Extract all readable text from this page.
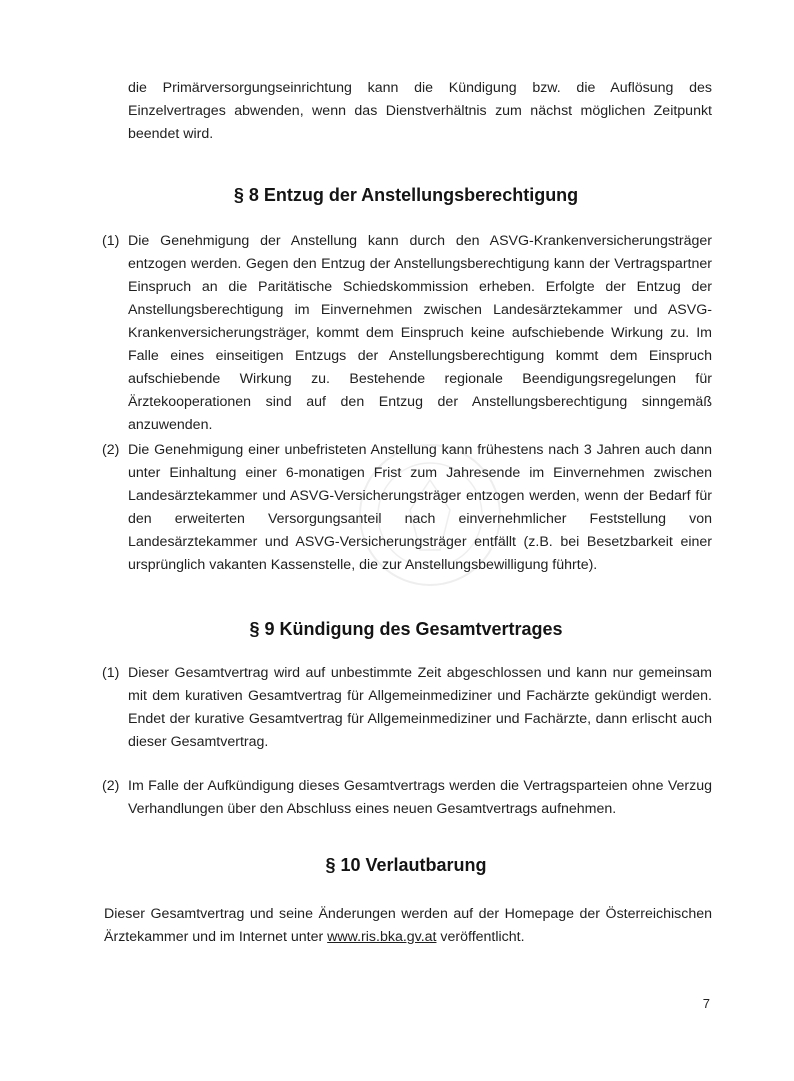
die Primärversorgungseinrichtung kann die Kündigung bzw. die Auflösung des Einzelvertrages abwenden, wenn das Dienstverhältnis zum nächst möglichen Zeitpunkt beendet wird.
§ 8 Entzug der Anstellungsberechtigung
(1) Die Genehmigung der Anstellung kann durch den ASVG-Krankenversicherungsträger entzogen werden. Gegen den Entzug der Anstellungsberechtigung kann der Vertragspartner Einspruch an die Paritätische Schiedskommission erheben. Erfolgte der Entzug der Anstellungsberechtigung im Einvernehmen zwischen Landesärztekammer und ASVG-Krankenversicherungsträger, kommt dem Einspruch keine aufschiebende Wirkung zu. Im Falle eines einseitigen Entzugs der Anstellungsberechtigung kommt dem Einspruch aufschiebende Wirkung zu. Bestehende regionale Beendigungsregelungen für Ärztekooperationen sind auf den Entzug der Anstellungsberechtigung sinngemäß anzuwenden.
(2) Die Genehmigung einer unbefristeten Anstellung kann frühestens nach 3 Jahren auch dann unter Einhaltung einer 6-monatigen Frist zum Jahresende im Einvernehmen zwischen Landesärztekammer und ASVG-Versicherungsträger entzogen werden, wenn der Bedarf für den erweiterten Versorgungsanteil nach einvernehmlicher Feststellung von Landesärztekammer und ASVG-Versicherungsträger entfällt (z.B. bei Besetzbarkeit einer ursprünglich vakanten Kassenstelle, die zur Anstellungsbewilligung führte).
§ 9 Kündigung des Gesamtvertrages
(1) Dieser Gesamtvertrag wird auf unbestimmte Zeit abgeschlossen und kann nur gemeinsam mit dem kurativen Gesamtvertrag für Allgemeinmediziner und Fachärzte gekündigt werden. Endet der kurative Gesamtvertrag für Allgemeinmediziner und Fachärzte, dann erlischt auch dieser Gesamtvertrag.
(2) Im Falle der Aufkündigung dieses Gesamtvertrags werden die Vertragsparteien ohne Verzug Verhandlungen über den Abschluss eines neuen Gesamtvertrags aufnehmen.
§ 10 Verlautbarung
Dieser Gesamtvertrag und seine Änderungen werden auf der Homepage der Österreichischen Ärztekammer und im Internet unter www.ris.bka.gv.at veröffentlicht.
7
